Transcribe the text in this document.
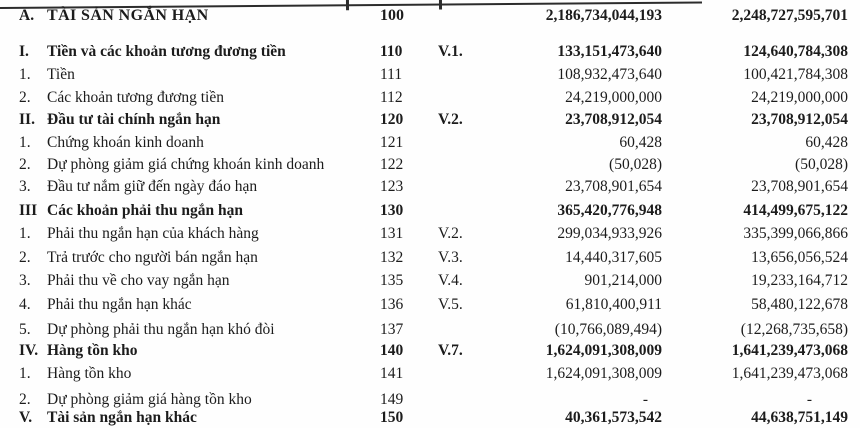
A. TÀI SẢN NGẮN HẠN	100	2,186,734,044,193	2,248,727,595,701
I. Tiền và các khoản tương đương tiền	110 V.1.	133,151,473,640	124,640,784,308
1. Tiền	111	108,932,473,640	100,421,784,308
2. Các khoản tương đương tiền	112	24,219,000,000	24,219,000,000
II. Đầu tư tài chính ngắn hạn	120 V.2.	23,708,912,054	23,708,912,054
1. Chứng khoán kinh doanh	121	60,428	60,428
2. Dự phòng giảm giá chứng khoán kinh doanh	122	(50,028)	(50,028)
3. Đầu tư nắm giữ đến ngày đáo hạn	123	23,708,901,654	23,708,901,654
III Các khoản phải thu ngắn hạn	130	365,420,776,948	414,499,675,122
1. Phải thu ngắn hạn của khách hàng	131 V.2.	299,034,933,926	335,399,066,866
2. Trả trước cho người bán ngắn hạn	132 V.3.	14,440,317,605	13,656,056,524
3. Phải thu về cho vay ngắn hạn	135 V.4.	901,214,000	19,233,164,712
4. Phải thu ngắn hạn khác	136 V.5.	61,810,400,911	58,480,122,678
5. Dự phòng phải thu ngắn hạn khó đòi	137	(10,766,089,494)	(12,268,735,658)
IV. Hàng tồn kho	140 V.7.	1,624,091,308,009	1,641,239,473,068
1. Hàng tồn kho	141	1,624,091,308,009	1,641,239,473,068
2. Dự phòng giảm giá hàng tồn kho	149	-	-
V. Tài sản ngắn hạn khác	150	40,361,573,542	44,638,751,149
